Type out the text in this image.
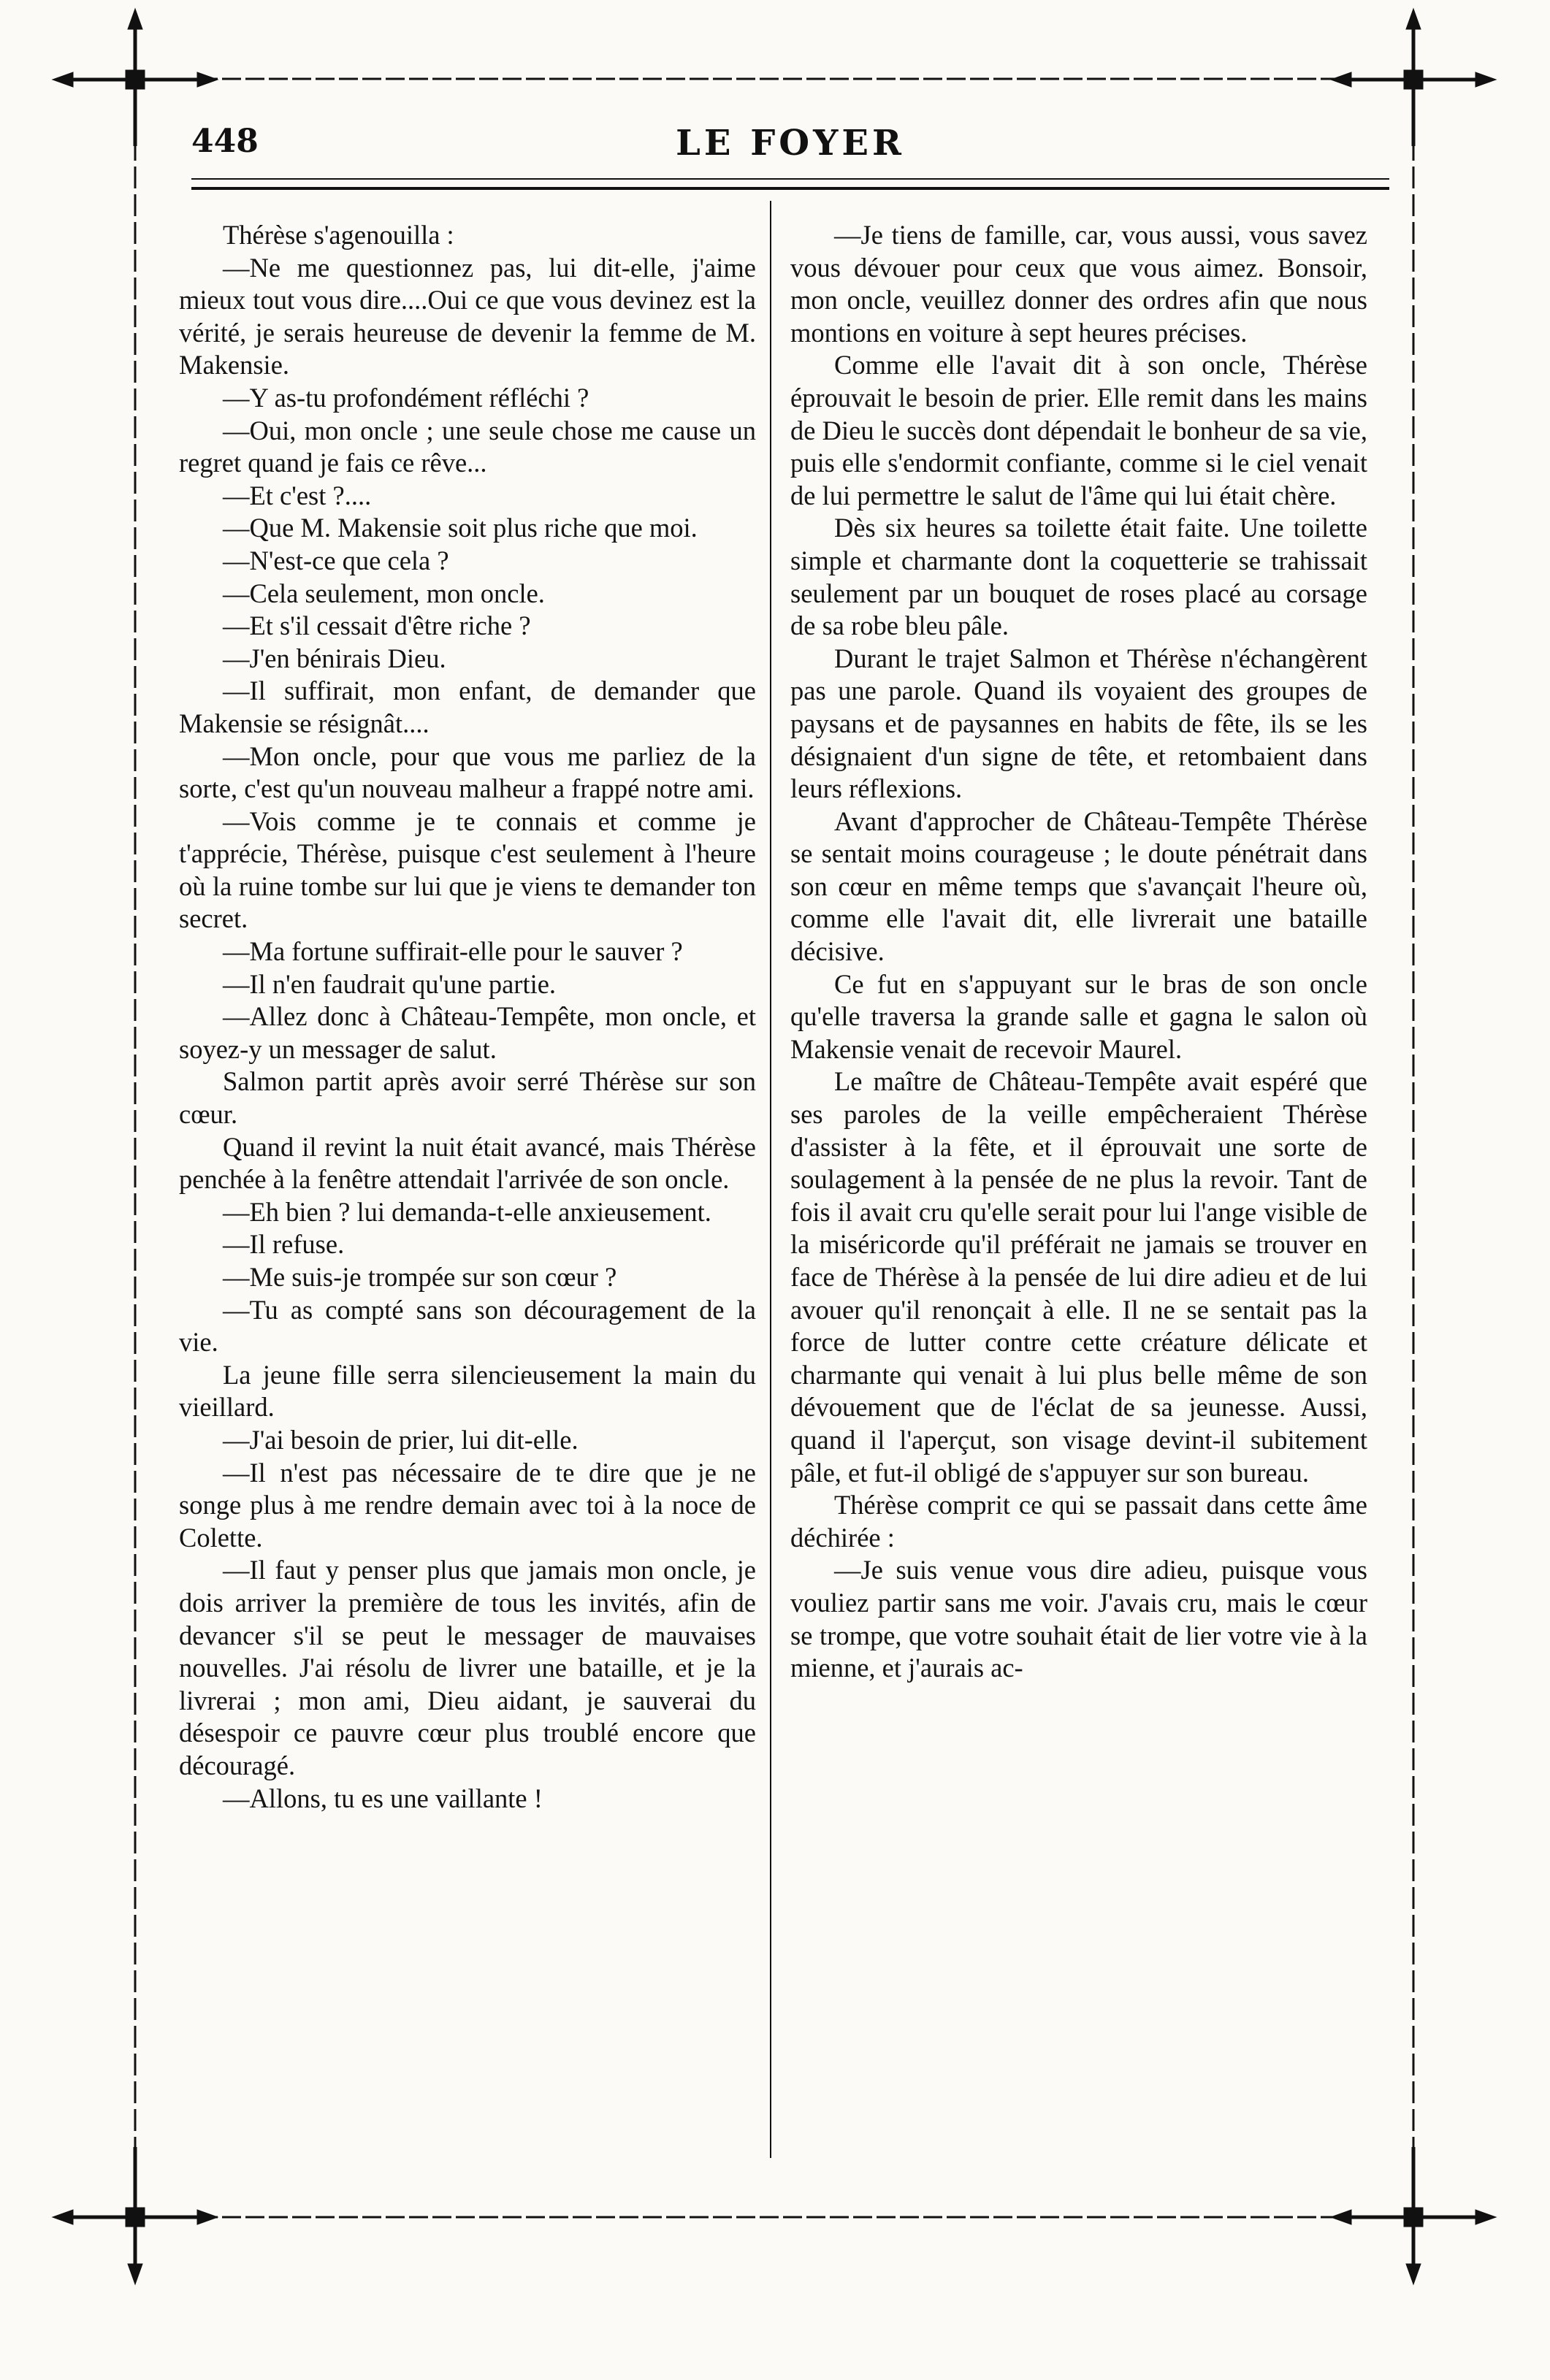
448	LE FOYER

Thérèse s'agenouilla :

—Ne me questionnez pas, lui dit-elle, j'aime mieux tout vous dire....Oui ce que vous devinez est la vérité, je serais heureuse de devenir la femme de M. Makensie.

—Y as-tu profondément réfléchi ?

—Oui, mon oncle ; une seule chose me cause un regret quand je fais ce rêve...

—Et c'est ?....

—Que M. Makensie soit plus riche que moi.

—N'est-ce que cela ?

—Cela seulement, mon oncle.

—Et s'il cessait d'être riche ?

—J'en bénirais Dieu.

—Il suffirait, mon enfant, de demander que Makensie se résignât....

—Mon oncle, pour que vous me parliez de la sorte, c'est qu'un nouveau malheur a frappé notre ami.

—Vois comme je te connais et comme je t'apprécie, Thérèse, puisque c'est seulement à l'heure où la ruine tombe sur lui que je viens te demander ton secret.

—Ma fortune suffirait-elle pour le sauver ?

—Il n'en faudrait qu'une partie.

—Allez donc à Château-Tempête, mon oncle, et soyez-y un messager de salut.

Salmon partit après avoir serré Thérèse sur son cœur.

Quand il revint la nuit était avancé, mais Thérèse penchée à la fenêtre attendait l'arrivée de son oncle.

—Eh bien ? lui demanda-t-elle anxieusement.

—Il refuse.

—Me suis-je trompée sur son cœur ?

—Tu as compté sans son découragement de la vie.

La jeune fille serra silencieusement la main du vieillard.

—J'ai besoin de prier, lui dit-elle.

—Il n'est pas nécessaire de te dire que je ne songe plus à me rendre demain avec toi à la noce de Colette.

—Il faut y penser plus que jamais mon oncle, je dois arriver la première de tous les invités, afin de devancer s'il se peut le messager de mauvaises nouvelles. J'ai résolu de livrer une bataille, et je la livrerai ; mon ami, Dieu aidant, je sauverai du désespoir ce pauvre cœur plus troublé encore que découragé.

—Allons, tu es une vaillante !

—Je tiens de famille, car, vous aussi, vous savez vous dévouer pour ceux que vous aimez. Bonsoir, mon oncle, veuillez donner des ordres afin que nous montions en voiture à sept heures précises.

Comme elle l'avait dit à son oncle, Thérèse éprouvait le besoin de prier. Elle remit dans les mains de Dieu le succès dont dépendait le bonheur de sa vie, puis elle s'endormit confiante, comme si le ciel venait de lui permettre le salut de l'âme qui lui était chère.

Dès six heures sa toilette était faite. Une toilette simple et charmante dont la coquetterie se trahissait seulement par un bouquet de roses placé au corsage de sa robe bleu pâle.

Durant le trajet Salmon et Thérèse n'échangèrent pas une parole. Quand ils voyaient des groupes de paysans et de paysannes en habits de fête, ils se les désignaient d'un signe de tête, et retombaient dans leurs réflexions.

Avant d'approcher de Château-Tempête Thérèse se sentait moins courageuse ; le doute pénétrait dans son cœur en même temps que s'avançait l'heure où, comme elle l'avait dit, elle livrerait une bataille décisive.

Ce fut en s'appuyant sur le bras de son oncle qu'elle traversa la grande salle et gagna le salon où Makensie venait de recevoir Maurel.

Le maître de Château-Tempête avait espéré que ses paroles de la veille empêcheraient Thérèse d'assister à la fête, et il éprouvait une sorte de soulagement à la pensée de ne plus la revoir. Tant de fois il avait cru qu'elle serait pour lui l'ange visible de la miséricorde qu'il préférait ne jamais se trouver en face de Thérèse à la pensée de lui dire adieu et de lui avouer qu'il renonçait à elle. Il ne se sentait pas la force de lutter contre cette créature délicate et charmante qui venait à lui plus belle même de son dévouement que de l'éclat de sa jeunesse. Aussi, quand il l'aperçut, son visage devint-il subitement pâle, et fut-il obligé de s'appuyer sur son bureau.

Thérèse comprit ce qui se passait dans cette âme déchirée :

—Je suis venue vous dire adieu, puisque vous vouliez partir sans me voir. J'avais cru, mais le cœur se trompe, que votre souhait était de lier votre vie à la mienne, et j'aurais ac-
